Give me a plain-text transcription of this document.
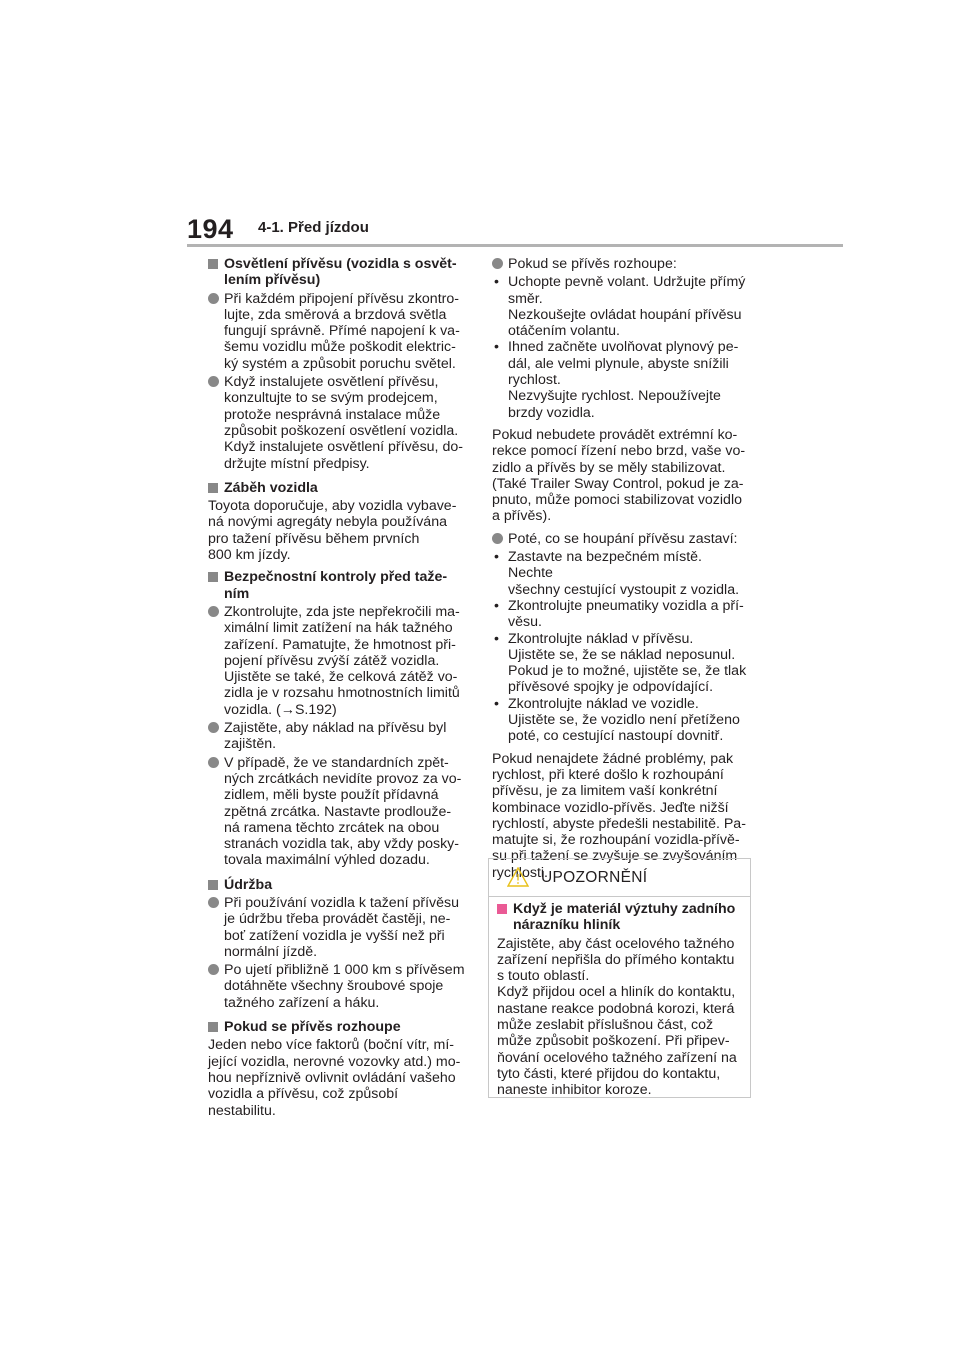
194 4-1. Před jízdou
Osvětlení přívěsu (vozidla s osvět-
lením přívěsu)
Při každém připojení přívěsu zkontro-
lujte, zda směrová a brzdová světla
fungují správně. Přímé napojení k va-
šemu vozidlu může poškodit elektric-
ký systém a způsobit poruchu světel.
Když instalujete osvětlení přívěsu,
konzultujte to se svým prodejcem,
protože nesprávná instalace může
způsobit poškození osvětlení vozidla.
Když instalujete osvětlení přívěsu, do-
držujte místní předpisy.
Záběh vozidla
Toyota doporučuje, aby vozidla vybave-
ná novými agregáty nebyla používána
pro tažení přívěsu během prvních
800 km jízdy.
Bezpečnostní kontroly před taže-
ním
Zkontrolujte, zda jste nepřekročili ma-
ximální limit zatížení na hák tažného
zařízení. Pamatujte, že hmotnost při-
pojení přívěsu zvýší zátěž vozidla.
Ujistěte se také, že celková zátěž vo-
zidla je v rozsahu hmotnostních limitů
vozidla. (→S.192)
Zajistěte, aby náklad na přívěsu byl
zajištěn.
V případě, že ve standardních zpět-
ných zrcátkách nevidíte provoz za vo-
zidlem, měli byste použít přídavná
zpětná zrcátka. Nastavte prodlouže-
ná ramena těchto zrcátek na obou
stranách vozidla tak, aby vždy posky-
tovala maximální výhled dozadu.
Údržba
Při používání vozidla k tažení přívěsu
je údržbu třeba provádět častěji, ne-
boť zatížení vozidla je vyšší než při
normální jízdě.
Po ujetí přibližně 1 000 km s přívěsem
dotáhněte všechny šroubové spoje
tažného zařízení a háku.
Pokud se přívěs rozhoupe
Jeden nebo více faktorů (boční vítr, mí-
jející vozidla, nerovné vozovky atd.) mo-
hou nepříznivě ovlivnit ovládání vašeho
vozidla a přívěsu, což způsobí nestabilitu.
Pokud se přívěs rozhoupe:
• Uchopte pevně volant. Udržujte přímý
směr.
Nezkoušejte ovládat houpání přívěsu
otáčením volantu.
• Ihned začněte uvolňovat plynový pe-
dál, ale velmi plynule, abyste snížili
rychlost.
Nezvyšujte rychlost. Nepoužívejte
brzdy vozidla.
Pokud nebudete provádět extrémní ko-
rekce pomocí řízení nebo brzd, vaše vo-
zidlo a přívěs by se měly stabilizovat.
(Také Trailer Sway Control, pokud je za-
pnuto, může pomoci stabilizovat vozidlo
a přívěs).
Poté, co se houpání přívěsu zastaví:
• Zastavte na bezpečném místě. Nechte
všechny cestující vystoupit z vozidla.
• Zkontrolujte pneumatiky vozidla a pří-
věsu.
• Zkontrolujte náklad v přívěsu.
Ujistěte se, že se náklad neposunul.
Pokud je to možné, ujistěte se, že tlak
přívěsové spojky je odpovídající.
• Zkontrolujte náklad ve vozidle.
Ujistěte se, že vozidlo není přetíženo
poté, co cestující nastoupí dovnitř.
Pokud nenajdete žádné problémy, pak
rychlost, při které došlo k rozhoupání
přívěsu, je za limitem vaší konkrétní
kombinace vozidlo-přívěs. Jeďte nižší
rychlostí, abyste předešli nestabilitě. Pa-
matujte si, že rozhoupání vozidla-přívě-
su při tažení se zvyšuje se zvyšováním
rychlosti.
UPOZORNĚNÍ
Když je materiál výztuhy zadního
nárazníku hliník
Zajistěte, aby část ocelového tažného
zařízení nepřišla do přímého kontaktu
s touto oblastí.
Když přijdou ocel a hliník do kontaktu,
nastane reakce podobná korozi, která
může zeslabit příslušnou část, což
může způsobit poškození. Při připev-
ňování ocelového tažného zařízení na
tyto části, které přijdou do kontaktu,
naneste inhibitor koroze.
